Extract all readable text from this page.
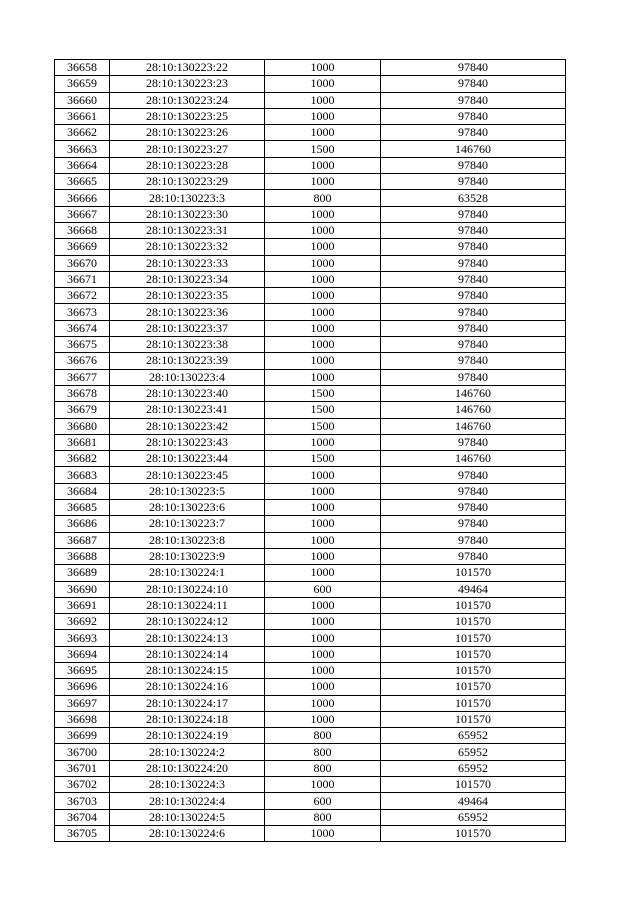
36658	28:10:130223:22	1000	97840
36659	28:10:130223:23	1000	97840
36660	28:10:130223:24	1000	97840
36661	28:10:130223:25	1000	97840
36662	28:10:130223:26	1000	97840
36663	28:10:130223:27	1500	146760
36664	28:10:130223:28	1000	97840
36665	28:10:130223:29	1000	97840
36666	28:10:130223:3	800	63528
36667	28:10:130223:30	1000	97840
36668	28:10:130223:31	1000	97840
36669	28:10:130223:32	1000	97840
36670	28:10:130223:33	1000	97840
36671	28:10:130223:34	1000	97840
36672	28:10:130223:35	1000	97840
36673	28:10:130223:36	1000	97840
36674	28:10:130223:37	1000	97840
36675	28:10:130223:38	1000	97840
36676	28:10:130223:39	1000	97840
36677	28:10:130223:4	1000	97840
36678	28:10:130223:40	1500	146760
36679	28:10:130223:41	1500	146760
36680	28:10:130223:42	1500	146760
36681	28:10:130223:43	1000	97840
36682	28:10:130223:44	1500	146760
36683	28:10:130223:45	1000	97840
36684	28:10:130223:5	1000	97840
36685	28:10:130223:6	1000	97840
36686	28:10:130223:7	1000	97840
36687	28:10:130223:8	1000	97840
36688	28:10:130223:9	1000	97840
36689	28:10:130224:1	1000	101570
36690	28:10:130224:10	600	49464
36691	28:10:130224:11	1000	101570
36692	28:10:130224:12	1000	101570
36693	28:10:130224:13	1000	101570
36694	28:10:130224:14	1000	101570
36695	28:10:130224:15	1000	101570
36696	28:10:130224:16	1000	101570
36697	28:10:130224:17	1000	101570
36698	28:10:130224:18	1000	101570
36699	28:10:130224:19	800	65952
36700	28:10:130224:2	800	65952
36701	28:10:130224:20	800	65952
36702	28:10:130224:3	1000	101570
36703	28:10:130224:4	600	49464
36704	28:10:130224:5	800	65952
36705	28:10:130224:6	1000	101570
